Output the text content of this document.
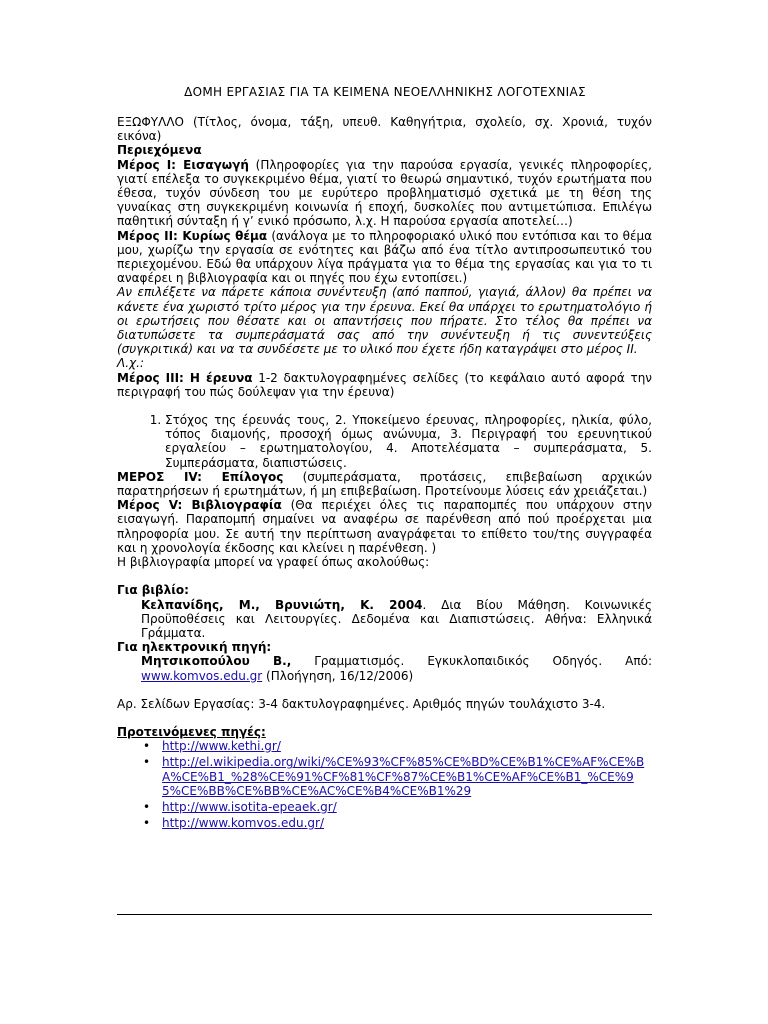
ΔΟΜΗ ΕΡΓΑΣΙΑΣ ΓΙΑ ΤΑ ΚΕΙΜΕΝΑ ΝΕΟΕΛΛΗΝΙΚΗΣ ΛΟΓΟΤΕΧΝΙΑΣ

ΕΞΩΦΥΛΛΟ (Τίτλος, όνομα, τάξη, υπευθ. Καθηγήτρια, σχολείο, σχ. Χρονιά, τυχόν εικόνα)

Περιεχόμενα

Μέρος Ι: Εισαγωγή (Πληροφορίες για την παρούσα εργασία, γενικές πληροφορίες, γιατί επέλεξα το συγκεκριμένο θέμα, γιατί το θεωρώ σημαντικό, τυχόν ερωτήματα που έθεσα, τυχόν σύνδεση του με ευρύτερο προβληματισμό σχετικά με τη θέση της γυναίκας στη συγκεκριμένη κοινωνία ή εποχή, δυσκολίες που αντιμετώπισα. Επιλέγω παθητική σύνταξη ή γ’ ενικό πρόσωπο, λ.χ. Η παρούσα εργασία αποτελεί…)

Μέρος ΙΙ: Κυρίως θέμα (ανάλογα με το πληροφοριακό υλικό που εντόπισα και το θέμα μου, χωρίζω την εργασία σε ενότητες και βάζω από ένα τίτλο αντιπροσωπευτικό του περιεχομένου. Εδώ θα υπάρχουν λίγα πράγματα για το θέμα της εργασίας και για το τι αναφέρει η βιβλιογραφία και οι πηγές που έχω εντοπίσει.)

Αν επιλέξετε να πάρετε κάποια συνέντευξη (από παππού, γιαγιά, άλλον) θα πρέπει να κάνετε ένα χωριστό τρίτο μέρος για την έρευνα. Εκεί θα υπάρχει το ερωτηματολόγιο ή οι ερωτήσεις που θέσατε και οι απαντήσεις που πήρατε. Στο τέλος θα πρέπει να διατυπώσετε τα συμπεράσματά σας από την συνέντευξη ή τις συνεντεύξεις (συγκριτικά) και να τα συνδέσετε με το υλικό που έχετε ήδη καταγράψει στο μέρος ΙΙ.

Λ.χ.:

Μέρος ΙΙΙ: Η έρευνα 1-2 δακτυλογραφημένες σελίδες (το κεφάλαιο αυτό αφορά την περιγραφή του πώς δούλεψαν για την έρευνα)

1. Στόχος της έρευνάς τους, 2. Υποκείμενο έρευνας, πληροφορίες, ηλικία, φύλο, τόπος διαμονής, προσοχή όμως ανώνυμα, 3. Περιγραφή του ερευνητικού εργαλείου – ερωτηματολογίου, 4. Αποτελέσματα – συμπεράσματα, 5. Συμπεράσματα, διαπιστώσεις.

ΜΕΡΟΣ ΙV: Επίλογος (συμπεράσματα, προτάσεις, επιβεβαίωση αρχικών παρατηρήσεων ή ερωτημάτων, ή μη επιβεβαίωση. Προτείνουμε λύσεις εάν χρειάζεται.)

Μέρος V: Βιβλιογραφία (Θα περιέχει όλες τις παραπομπές που υπάρχουν στην εισαγωγή. Παραπομπή σημαίνει να αναφέρω σε παρένθεση από πού προέρχεται μια πληροφορία μου. Σε αυτή την περίπτωση αναγράφεται το επίθετο του/της συγγραφέα και η χρονολογία έκδοσης και κλείνει η παρένθεση. )

Η βιβλιογραφία μπορεί να γραφεί όπως ακολούθως:

Για βιβλίο:

Κελπανίδης, Μ., Βρυνιώτη, Κ. 2004. Δια Βίου Μάθηση. Κοινωνικές Προϋποθέσεις και Λειτουργίες. Δεδομένα και Διαπιστώσεις. Αθήνα: Ελληνικά Γράμματα.

Για ηλεκτρονική πηγή:

Μητσικοπούλου Β., Γραμματισμός. Εγκυκλοπαιδικός Οδηγός. Από: www.komvos.edu.gr (Πλοήγηση, 16/12/2006)

Αρ. Σελίδων Εργασίας: 3-4 δακτυλογραφημένες. Αριθμός πηγών τουλάχιστο 3-4.

Προτεινόμενες πηγές:

• http://www.kethi.gr/
• http://el.wikipedia.org/wiki/%CE%93%CF%85%CE%BD%CE%B1%CE%AF%CE%BA%CE%B1_%28%CE%91%CF%81%CF%87%CE%B1%CE%AF%CE%B1_%CE%95%CE%BB%CE%BB%CE%AC%CE%B4%CE%B1%29
• http://www.isotita-epeaek.gr/
• http://www.komvos.edu.gr/
